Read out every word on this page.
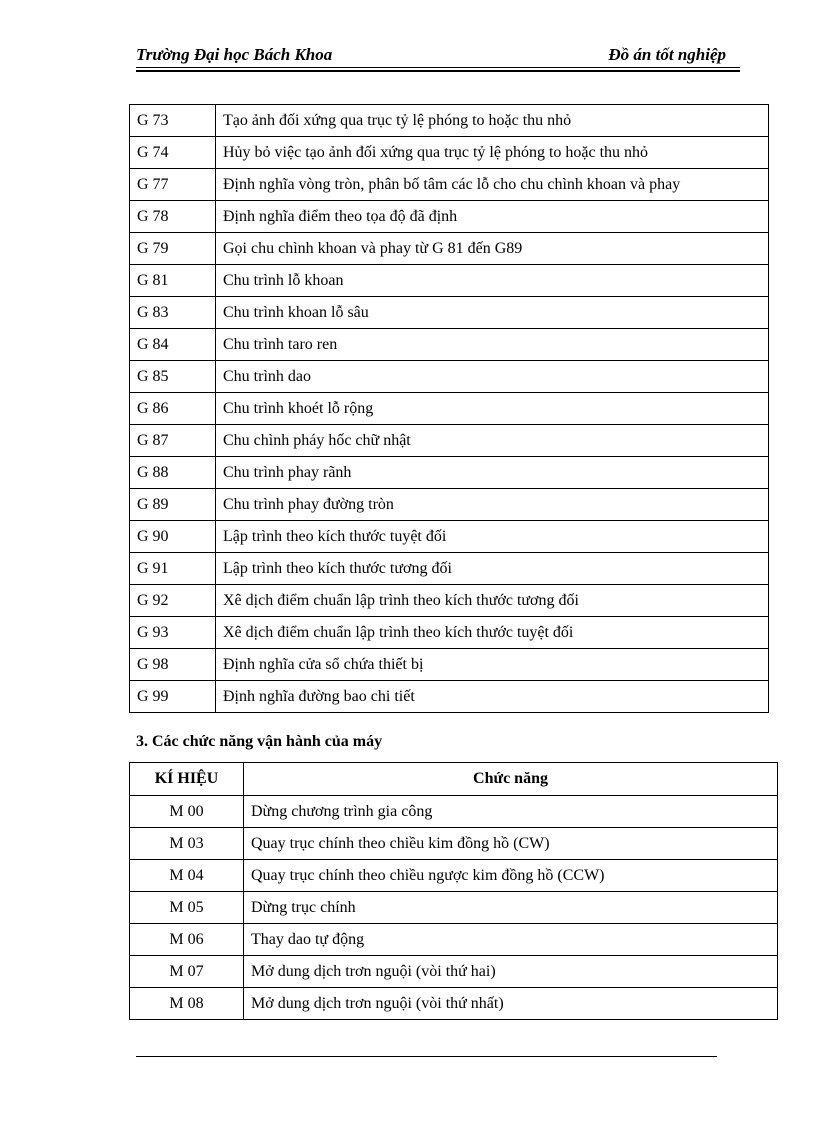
Trường Đại học Bách Khoa	Đồ án tốt nghiệp
G 73	Tạo ảnh đối xứng qua trục tỷ lệ phóng to hoặc thu nhỏ
G 74	Hủy bỏ việc tạo ảnh đối xứng qua trục tỷ lệ phóng to hoặc thu nhỏ
G 77	Định nghĩa vòng tròn, phân bố tâm các lỗ cho chu chình khoan và phay
G 78	Định nghĩa điểm theo tọa độ đã định
G 79	Gọi chu chình khoan và phay từ G 81 đến G89
G 81	Chu trình lỗ khoan
G 83	Chu trình khoan lỗ sâu
G 84	Chu trình taro ren
G 85	Chu trình dao
G 86	Chu trình khoét lỗ rộng
G 87	Chu chình pháy hốc chữ nhật
G 88	Chu trình phay rãnh
G 89	Chu trình phay đường tròn
G 90	Lập trình theo kích thước tuyệt đối
G 91	Lập trình theo kích thước tương đối
G 92	Xê dịch điểm chuẩn lập trình theo kích thước tương đối
G 93	Xê dịch điểm chuẩn lập trình theo kích thước tuyệt đối
G 98	Định nghĩa cửa sổ chứa thiết bị
G 99	Định nghĩa đường bao chi tiết
3. Các chức năng vận hành của máy
KÍ HIỆU	Chức năng
M 00	Dừng chương trình gia công
M 03	Quay trục chính theo chiều kim đồng hồ (CW)
M 04	Quay trục chính theo chiều ngược kim đồng hồ (CCW)
M 05	Dừng trục chính
M 06	Thay dao tự động
M 07	Mở dung dịch trơn nguội (vòi thứ hai)
M 08	Mở dung dịch trơn nguội (vòi thứ nhất)
